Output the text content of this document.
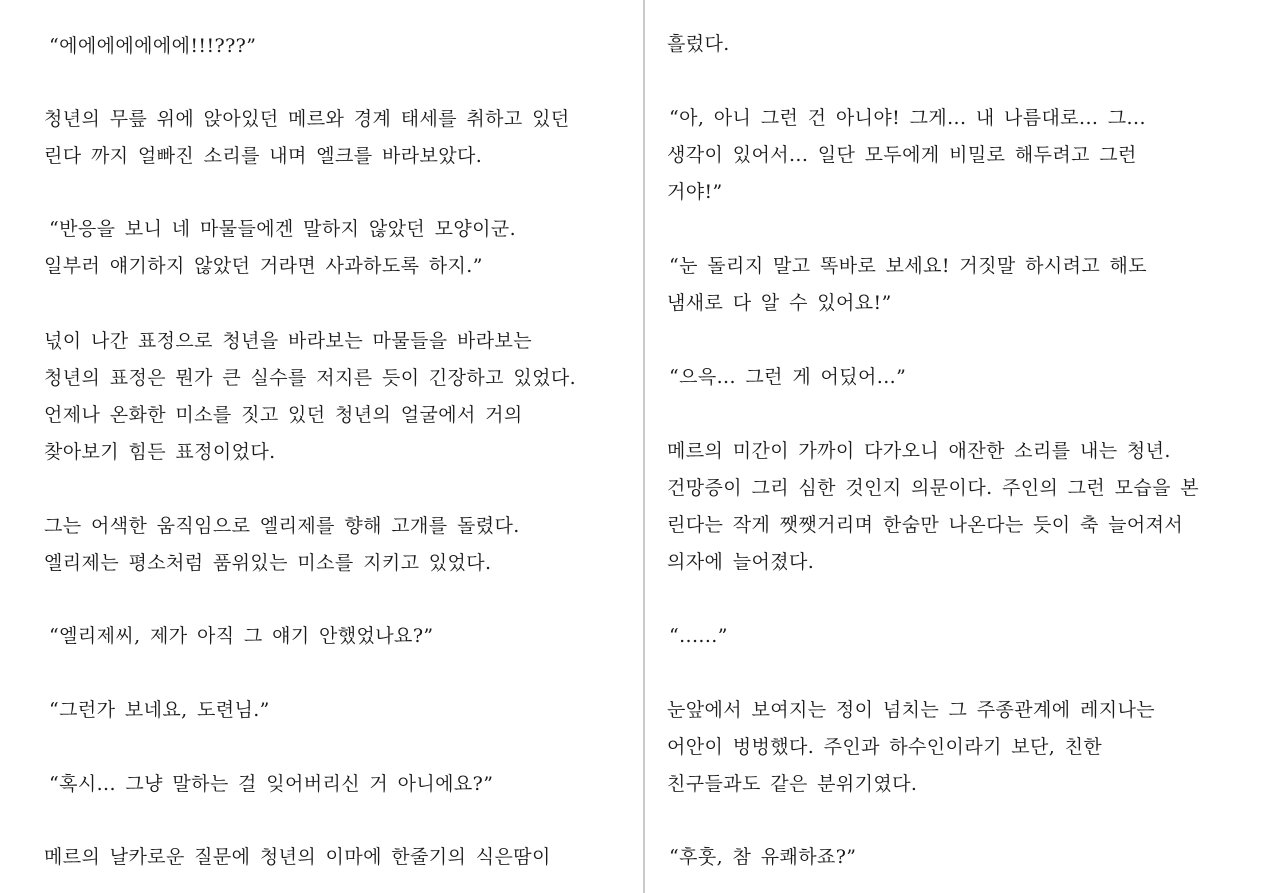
“에에에에에에에!!!???”
청년의 무릎 위에 앉아있던 메르와 경계 태세를 취하고 있던
린다 까지 얼빠진 소리를 내며 엘크를 바라보았다.
“반응을 보니 네 마물들에겐 말하지 않았던 모양이군.
일부러 얘기하지 않았던 거라면 사과하도록 하지.”
넋이 나간 표정으로 청년을 바라보는 마물들을 바라보는
청년의 표정은 뭔가 큰 실수를 저지른 듯이 긴장하고 있었다.
언제나 온화한 미소를 짓고 있던 청년의 얼굴에서 거의
찾아보기 힘든 표정이었다.
그는 어색한 움직임으로 엘리제를 향해 고개를 돌렸다.
엘리제는 평소처럼 품위있는 미소를 지키고 있었다.
“엘리제씨, 제가 아직 그 얘기 안했었나요?”
“그런가 보네요, 도련님.”
“혹시... 그냥 말하는 걸 잊어버리신 거 아니에요?”
메르의 날카로운 질문에 청년의 이마에 한줄기의 식은땀이
흘렀다.
“아, 아니 그런 건 아니야! 그게... 내 나름대로... 그...
생각이 있어서... 일단 모두에게 비밀로 해두려고 그런
거야!”
“눈 돌리지 말고 똑바로 보세요! 거짓말 하시려고 해도
냄새로 다 알 수 있어요!”
“으윽... 그런 게 어딨어...”
메르의 미간이 가까이 다가오니 애잔한 소리를 내는 청년.
건망증이 그리 심한 것인지 의문이다. 주인의 그런 모습을 본
린다는 작게 쨋쨋거리며 한숨만 나온다는 듯이 축 늘어져서
의자에 늘어졌다.
“......”
눈앞에서 보여지는 정이 넘치는 그 주종관계에 레지나는
어안이 벙벙했다. 주인과 하수인이라기 보단, 친한
친구들과도 같은 분위기였다.
“후훗, 참 유쾌하죠?”
